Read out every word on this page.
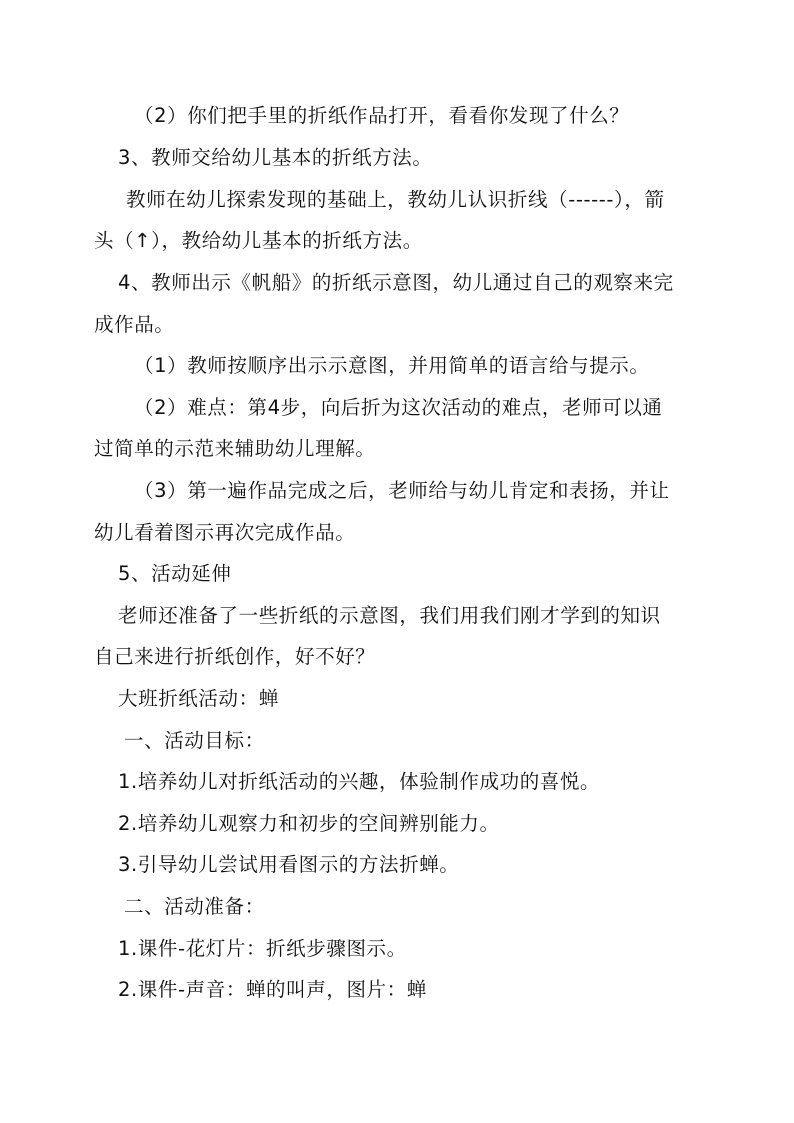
（2）你们把手里的折纸作品打开，看看你发现了什么？
3、教师交给幼儿基本的折纸方法。
教师在幼儿探索发现的基础上，教幼儿认识折线（------），箭
头（↑），教给幼儿基本的折纸方法。
4、教师出示《帆船》的折纸示意图，幼儿通过自己的观察来完
成作品。
（1）教师按顺序出示示意图，并用简单的语言给与提示。
（2）难点：第4步，向后折为这次活动的难点，老师可以通
过简单的示范来辅助幼儿理解。
（3）第一遍作品完成之后，老师给与幼儿肯定和表扬，并让
幼儿看着图示再次完成作品。
5、活动延伸
老师还准备了一些折纸的示意图，我们用我们刚才学到的知识
自己来进行折纸创作，好不好？
大班折纸活动：蝉
一、活动目标：
1.培养幼儿对折纸活动的兴趣，体验制作成功的喜悦。
2.培养幼儿观察力和初步的空间辨别能力。
3.引导幼儿尝试用看图示的方法折蝉。
二、活动准备：
1.课件-花灯片：折纸步骤图示。
2.课件-声音：蝉的叫声，图片：蝉
